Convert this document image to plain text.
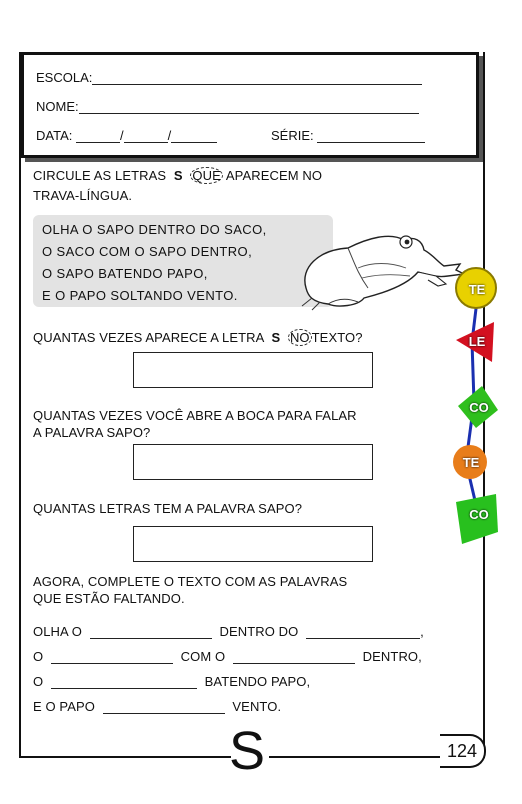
ESCOLA:
NOME:
DATA:	/	/	SÉRIE:
CIRCULE AS LETRAS S QUE APARECEM NO
TRAVA-LÍNGUA.
OLHA O SAPO DENTRO DO SACO,
O SACO COM O SAPO DENTRO,
O SAPO BATENDO PAPO,
E O PAPO SOLTANDO VENTO.	TE
LE
CO
TE
CO
QUANTAS VEZES APARECE A LETRA S NO TEXTO?
QUANTAS VEZES VOCÊ ABRE A BOCA PARA FALAR
A PALAVRA SAPO?
QUANTAS LETRAS TEM A PALAVRA SAPO?
AGORA, COMPLETE O TEXTO COM AS PALAVRAS
QUE ESTÃO FALTANDO.
OLHA O	DENTRO DO	,
O	COM O	DENTRO,
O	BATENDO PAPO,
E O PAPO	VENTO.
S	124
